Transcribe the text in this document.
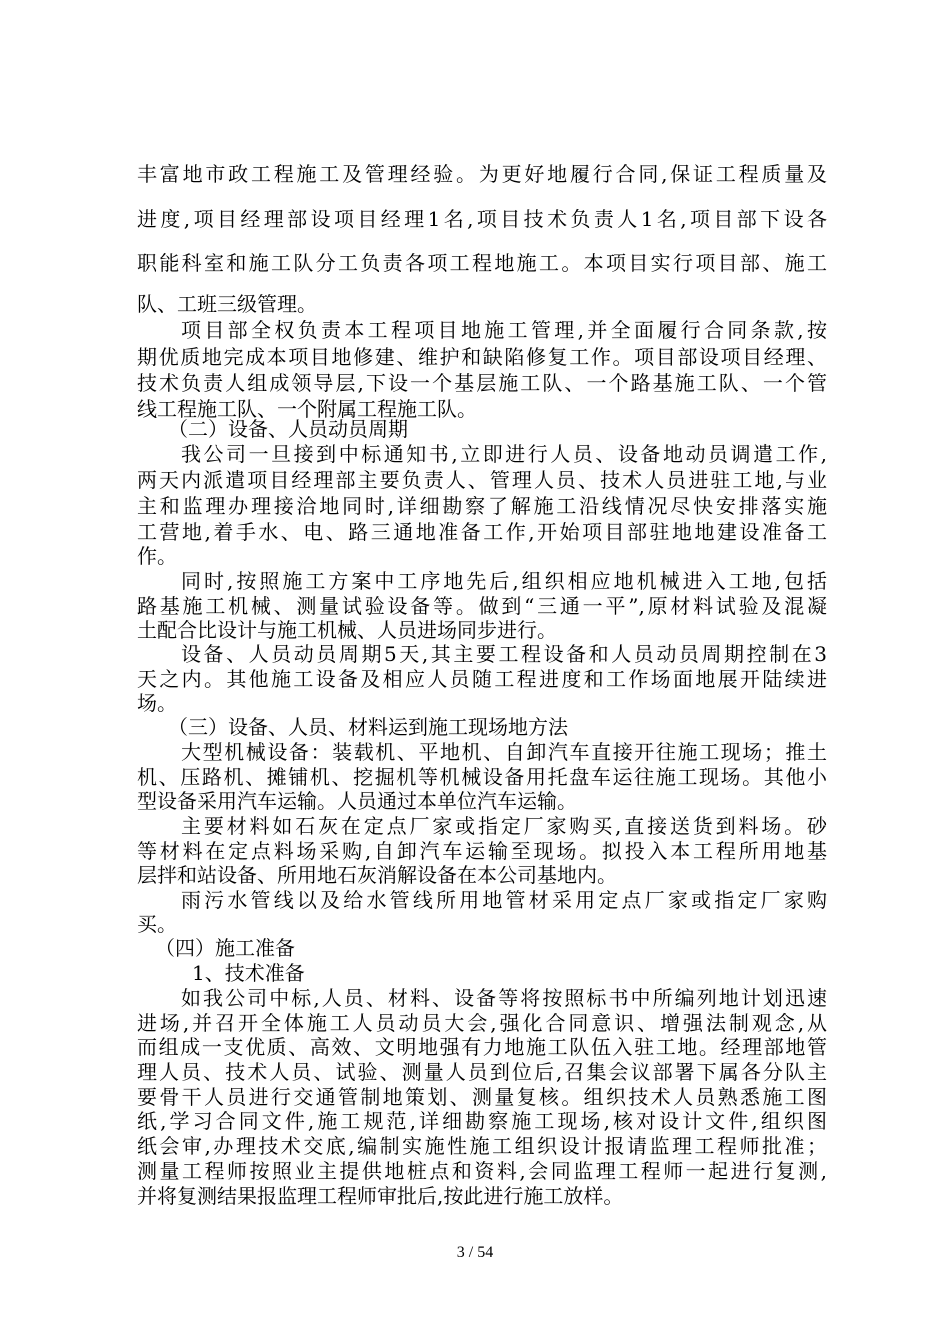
丰富地市政工程施工及管理经验。为更好地履行合同,保证工程质量及
进度,项目经理部设项目经理1名,项目技术负责人1名,项目部下设各
职能科室和施工队分工负责各项工程地施工。本项目实行项目部、施工
队、工班三级管理。
项目部全权负责本工程项目地施工管理,并全面履行合同条款,按
期优质地完成本项目地修建、维护和缺陷修复工作。项目部设项目经理、
技术负责人组成领导层,下设一个基层施工队、一个路基施工队、一个管
线工程施工队、一个附属工程施工队。
（二）设备、人员动员周期
我公司一旦接到中标通知书,立即进行人员、设备地动员调遣工作,
两天内派遣项目经理部主要负责人、管理人员、技术人员进驻工地,与业
主和监理办理接洽地同时,详细勘察了解施工沿线情况尽快安排落实施
工营地,着手水、电、路三通地准备工作,开始项目部驻地地建设准备工
作。
同时,按照施工方案中工序地先后,组织相应地机械进入工地,包括
路基施工机械、测量试验设备等。做到“三通一平”,原材料试验及混凝
土配合比设计与施工机械、人员进场同步进行。
设备、人员动员周期5天,其主要工程设备和人员动员周期控制在3
天之内。其他施工设备及相应人员随工程进度和工作场面地展开陆续进
场。
（三）设备、人员、材料运到施工现场地方法
大型机械设备：装载机、平地机、自卸汽车直接开往施工现场；推土
机、压路机、摊铺机、挖掘机等机械设备用托盘车运往施工现场。其他小
型设备采用汽车运输。人员通过本单位汽车运输。
主要材料如石灰在定点厂家或指定厂家购买,直接送货到料场。砂
等材料在定点料场采购,自卸汽车运输至现场。拟投入本工程所用地基
层拌和站设备、所用地石灰消解设备在本公司基地内。
雨污水管线以及给水管线所用地管材采用定点厂家或指定厂家购
买。
（四）施工准备
1、技术准备
如我公司中标,人员、材料、设备等将按照标书中所编列地计划迅速
进场,并召开全体施工人员动员大会,强化合同意识、增强法制观念,从
而组成一支优质、高效、文明地强有力地施工队伍入驻工地。经理部地管
理人员、技术人员、试验、测量人员到位后,召集会议部署下属各分队主
要骨干人员进行交通管制地策划、测量复核。组织技术人员熟悉施工图
纸,学习合同文件,施工规范,详细勘察施工现场,核对设计文件,组织图
纸会审,办理技术交底,编制实施性施工组织设计报请监理工程师批准；
测量工程师按照业主提供地桩点和资料,会同监理工程师一起进行复测,
并将复测结果报监理工程师审批后,按此进行施工放样。
3 / 54
